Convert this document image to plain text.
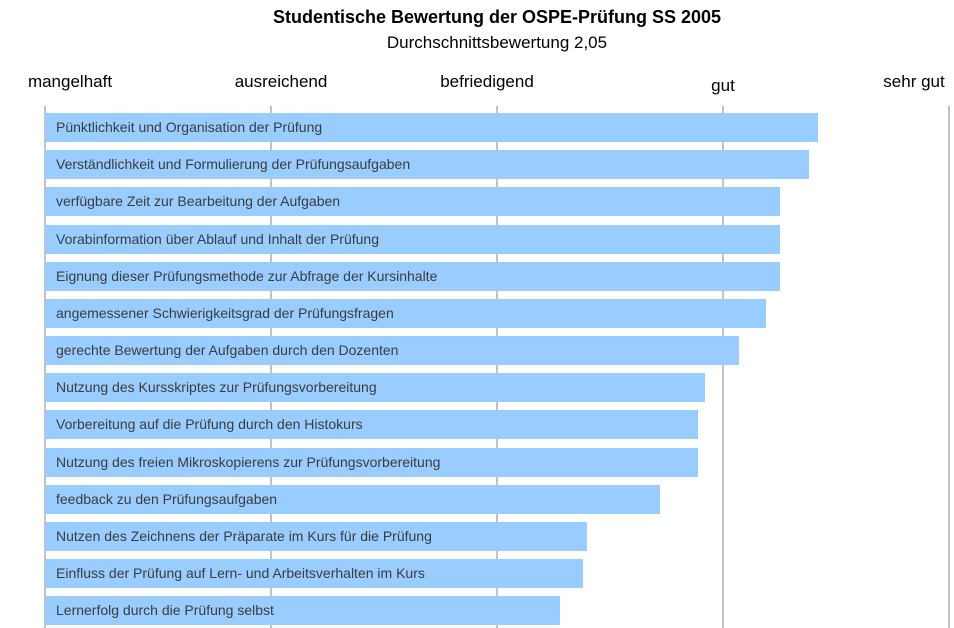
Studentische Bewertung der OSPE-Prüfung SS 2005
Durchschnittsbewertung 2,05
mangelhaft	ausreichend	befriedigend	gut	sehr gut
Pünktlichkeit und Organisation der Prüfung
Verständlichkeit und Formulierung der Prüfungsaufgaben
verfügbare Zeit zur Bearbeitung der Aufgaben
Vorabinformation über Ablauf und Inhalt der Prüfung
Eignung dieser Prüfungsmethode zur Abfrage der Kursinhalte
angemessener Schwierigkeitsgrad der Prüfungsfragen
gerechte Bewertung der Aufgaben durch den Dozenten
Nutzung des Kursskriptes zur Prüfungsvorbereitung
Vorbereitung auf die Prüfung durch den Histokurs
Nutzung des freien Mikroskopierens zur Prüfungsvorbereitung
feedback zu den Prüfungsaufgaben
Nutzen des Zeichnens der Präparate im Kurs für die Prüfung
Einfluss der Prüfung auf Lern- und Arbeitsverhalten im Kurs
Lernerfolg durch die Prüfung selbst
